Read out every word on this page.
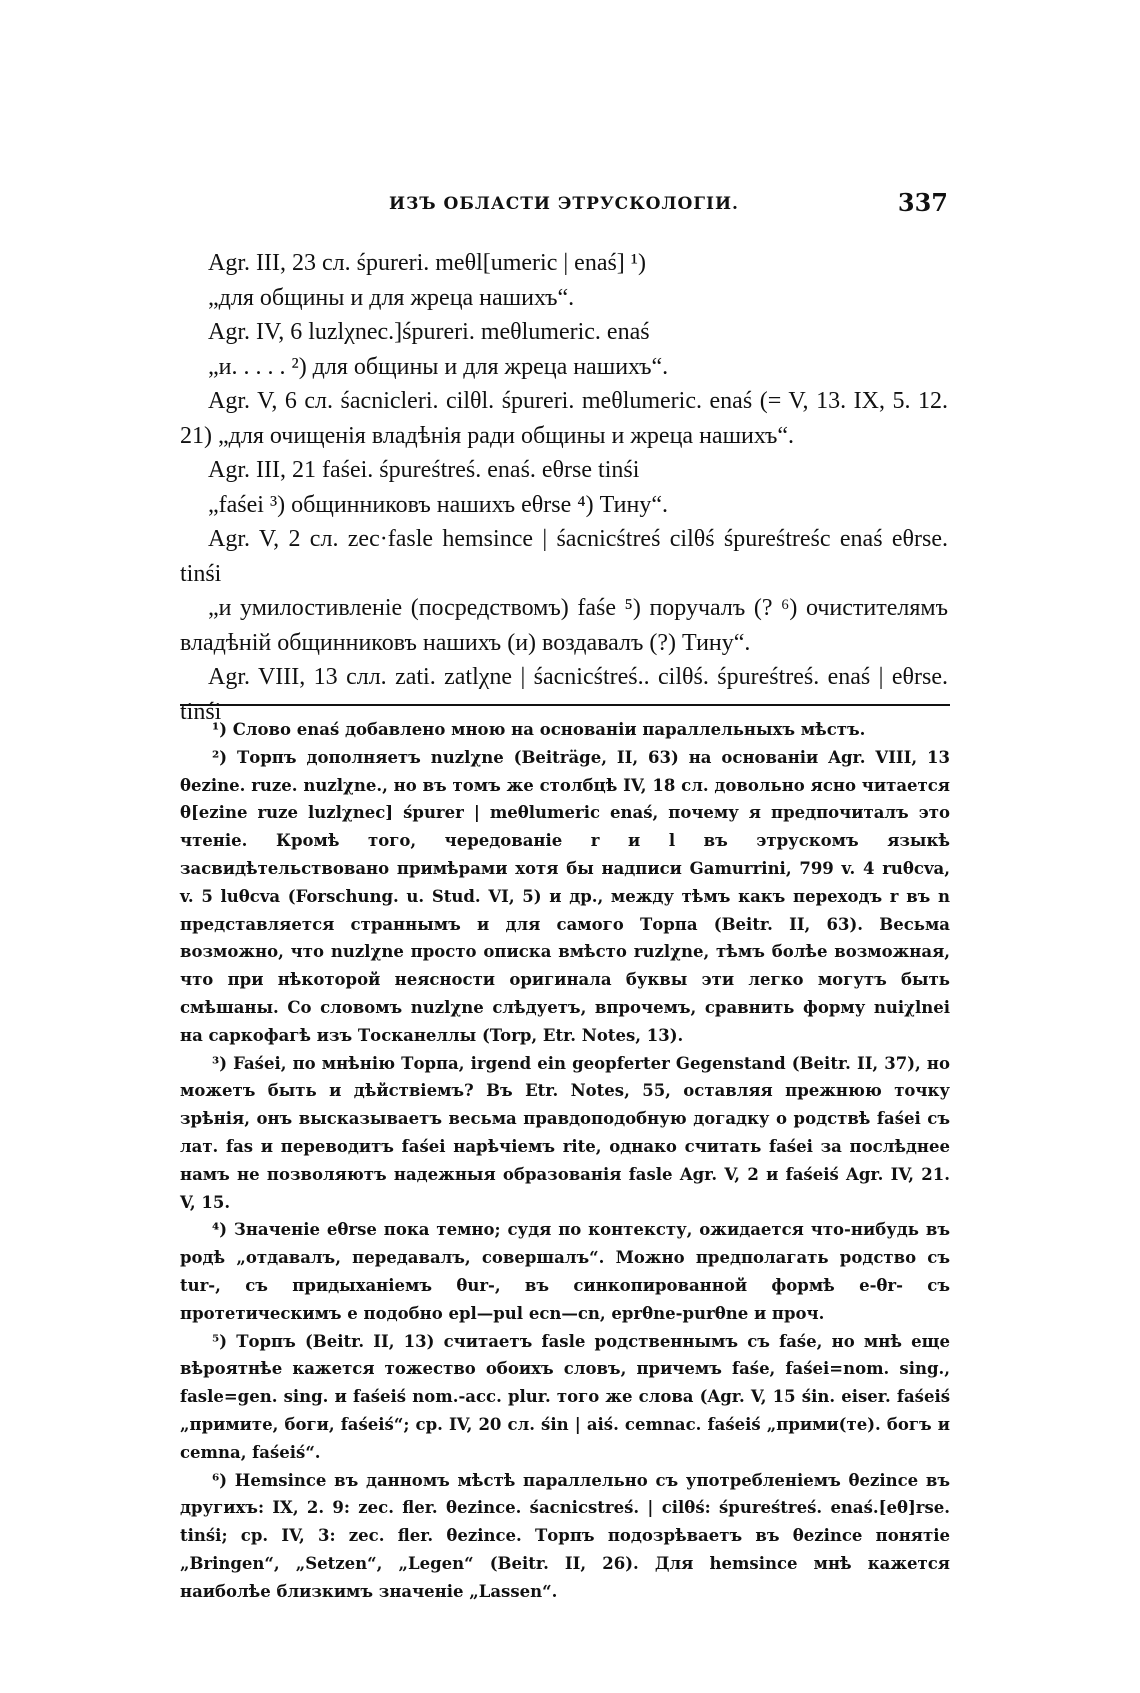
ИЗЪ ОБЛАСТИ ЭТРУСКОЛОГІИ.	337

Agr. III, 23 сл. śpureri. meθl[umeric | enaś] ¹)

„для общины и для жреца нашихъ“.

Agr. IV, 6 luzlχnec.]śpureri. meθlumeric. enaś

„и. . . . . ²) для общины и для жреца нашихъ“.

Agr. V, 6 сл. śacnicleri. cilθl. śpureri. meθlumeric. enaś (= V, 13. IX, 5. 12. 21) „для очищенія владѣнія ради общины и жреца нашихъ“.

Agr. III, 21 faśei. śpureśtreś. enaś. eθrse tinśi

„faśei ³) общинниковъ нашихъ eθrse ⁴) Тину“.

Agr. V, 2 сл. zec·fasle hemsince | śacnicśtreś cilθś śpureśtreśc enaś eθrse. tinśi

„и умилостивленіе (посредствомъ) faśe ⁵) поручалъ (? ⁶) очистителямъ владѣній общинниковъ нашихъ (и) воздавалъ (?) Тину“.

Agr. VIII, 13 слл. zati. zatlχne | śacnicśtreś.. cilθś. śpureśtreś. enaś | eθrse. tinśi

¹) Слово enaś добавлено мною на основаніи параллельныхъ мѣстъ.

²) Торпъ дополняетъ nuzlχne (Beiträge, II, 63) на основаніи Agr. VIII, 13 θezine. ruze. nuzlχne., но въ томъ же столбцѣ IV, 18 сл. довольно ясно читается θ[ezine ruze luzlχnec] śpurer | meθlumeric enaś, почему я предпочиталъ это чтеніе. Кромѣ того, чередованіе r и l въ этрускомъ языкѣ засвидѣтельствовано примѣрами хотя бы надписи Gamurrini, 799 v. 4 ruθcva, v. 5 luθcva (Forschung. u. Stud. VI, 5) и др., между тѣмъ какъ переходъ r въ n представляется страннымъ и для самого Торпа (Beitr. II, 63). Весьма возможно, что nuzlχne просто описка вмѣсто ruzlχne, тѣмъ болѣе возможная, что при нѣкоторой неясности оригинала буквы эти легко могутъ быть смѣшаны. Со словомъ nuzlχne слѣдуетъ, впрочемъ, сравнить форму nuiχlnei на саркофагѣ изъ Тосканеллы (Torp, Etr. Notes, 13).

³) Faśei, по мнѣнію Торпа, irgend ein geopferter Gegenstand (Beitr. II, 37), но можетъ быть и дѣйствіемъ? Въ Etr. Notes, 55, оставляя прежнюю точку зрѣнія, онъ высказываетъ весьма правдоподобную догадку о родствѣ faśei съ лат. fas и переводитъ faśei нарѣчіемъ rite, однако считать faśei за послѣднее намъ не позволяютъ надежныя образованія fasle Agr. V, 2 и faśeiś Agr. IV, 21. V, 15.

⁴) Значеніе eθrse пока темно; судя по контексту, ожидается что-нибудь въ родѣ „отдавалъ, передавалъ, совершалъ“. Можно предполагать родство съ tur-, съ придыханіемъ θur-, въ синкопированной формѣ e-θr- съ протетическимъ e подобно epl—pul ecn—cn, eprθne-purθne и проч.

⁵) Торпъ (Beitr. II, 13) считаетъ fasle родственнымъ съ faśe, но мнѣ еще вѣроятнѣе кажется тожество обоихъ словъ, причемъ faśe, faśei=nom. sing., fasle=gen. sing. и faśeiś nom.-acc. plur. того же слова (Agr. V, 15 śin. eiser. faśeiś „примите, боги, faśeiś“; ср. IV, 20 сл. śin | aiś. cemnac. faśeiś „прими(те). богъ и cemna, faśeiś“.

⁶) Hemsince въ данномъ мѣстѣ параллельно съ употребленіемъ θezince въ другихъ: IX, 2. 9: zec. fler. θezince. śacnicstreś. | cilθś: śpureśtreś. enaś.[eθ]rse. tinśi; ср. IV, 3: zec. fler. θezince. Торпъ подозрѣваетъ въ θezince понятіе „Bringen“, „Setzen“, „Legen“ (Beitr. II, 26). Для hemsince мнѣ кажется наиболѣе близкимъ значеніе „Lassen“.
